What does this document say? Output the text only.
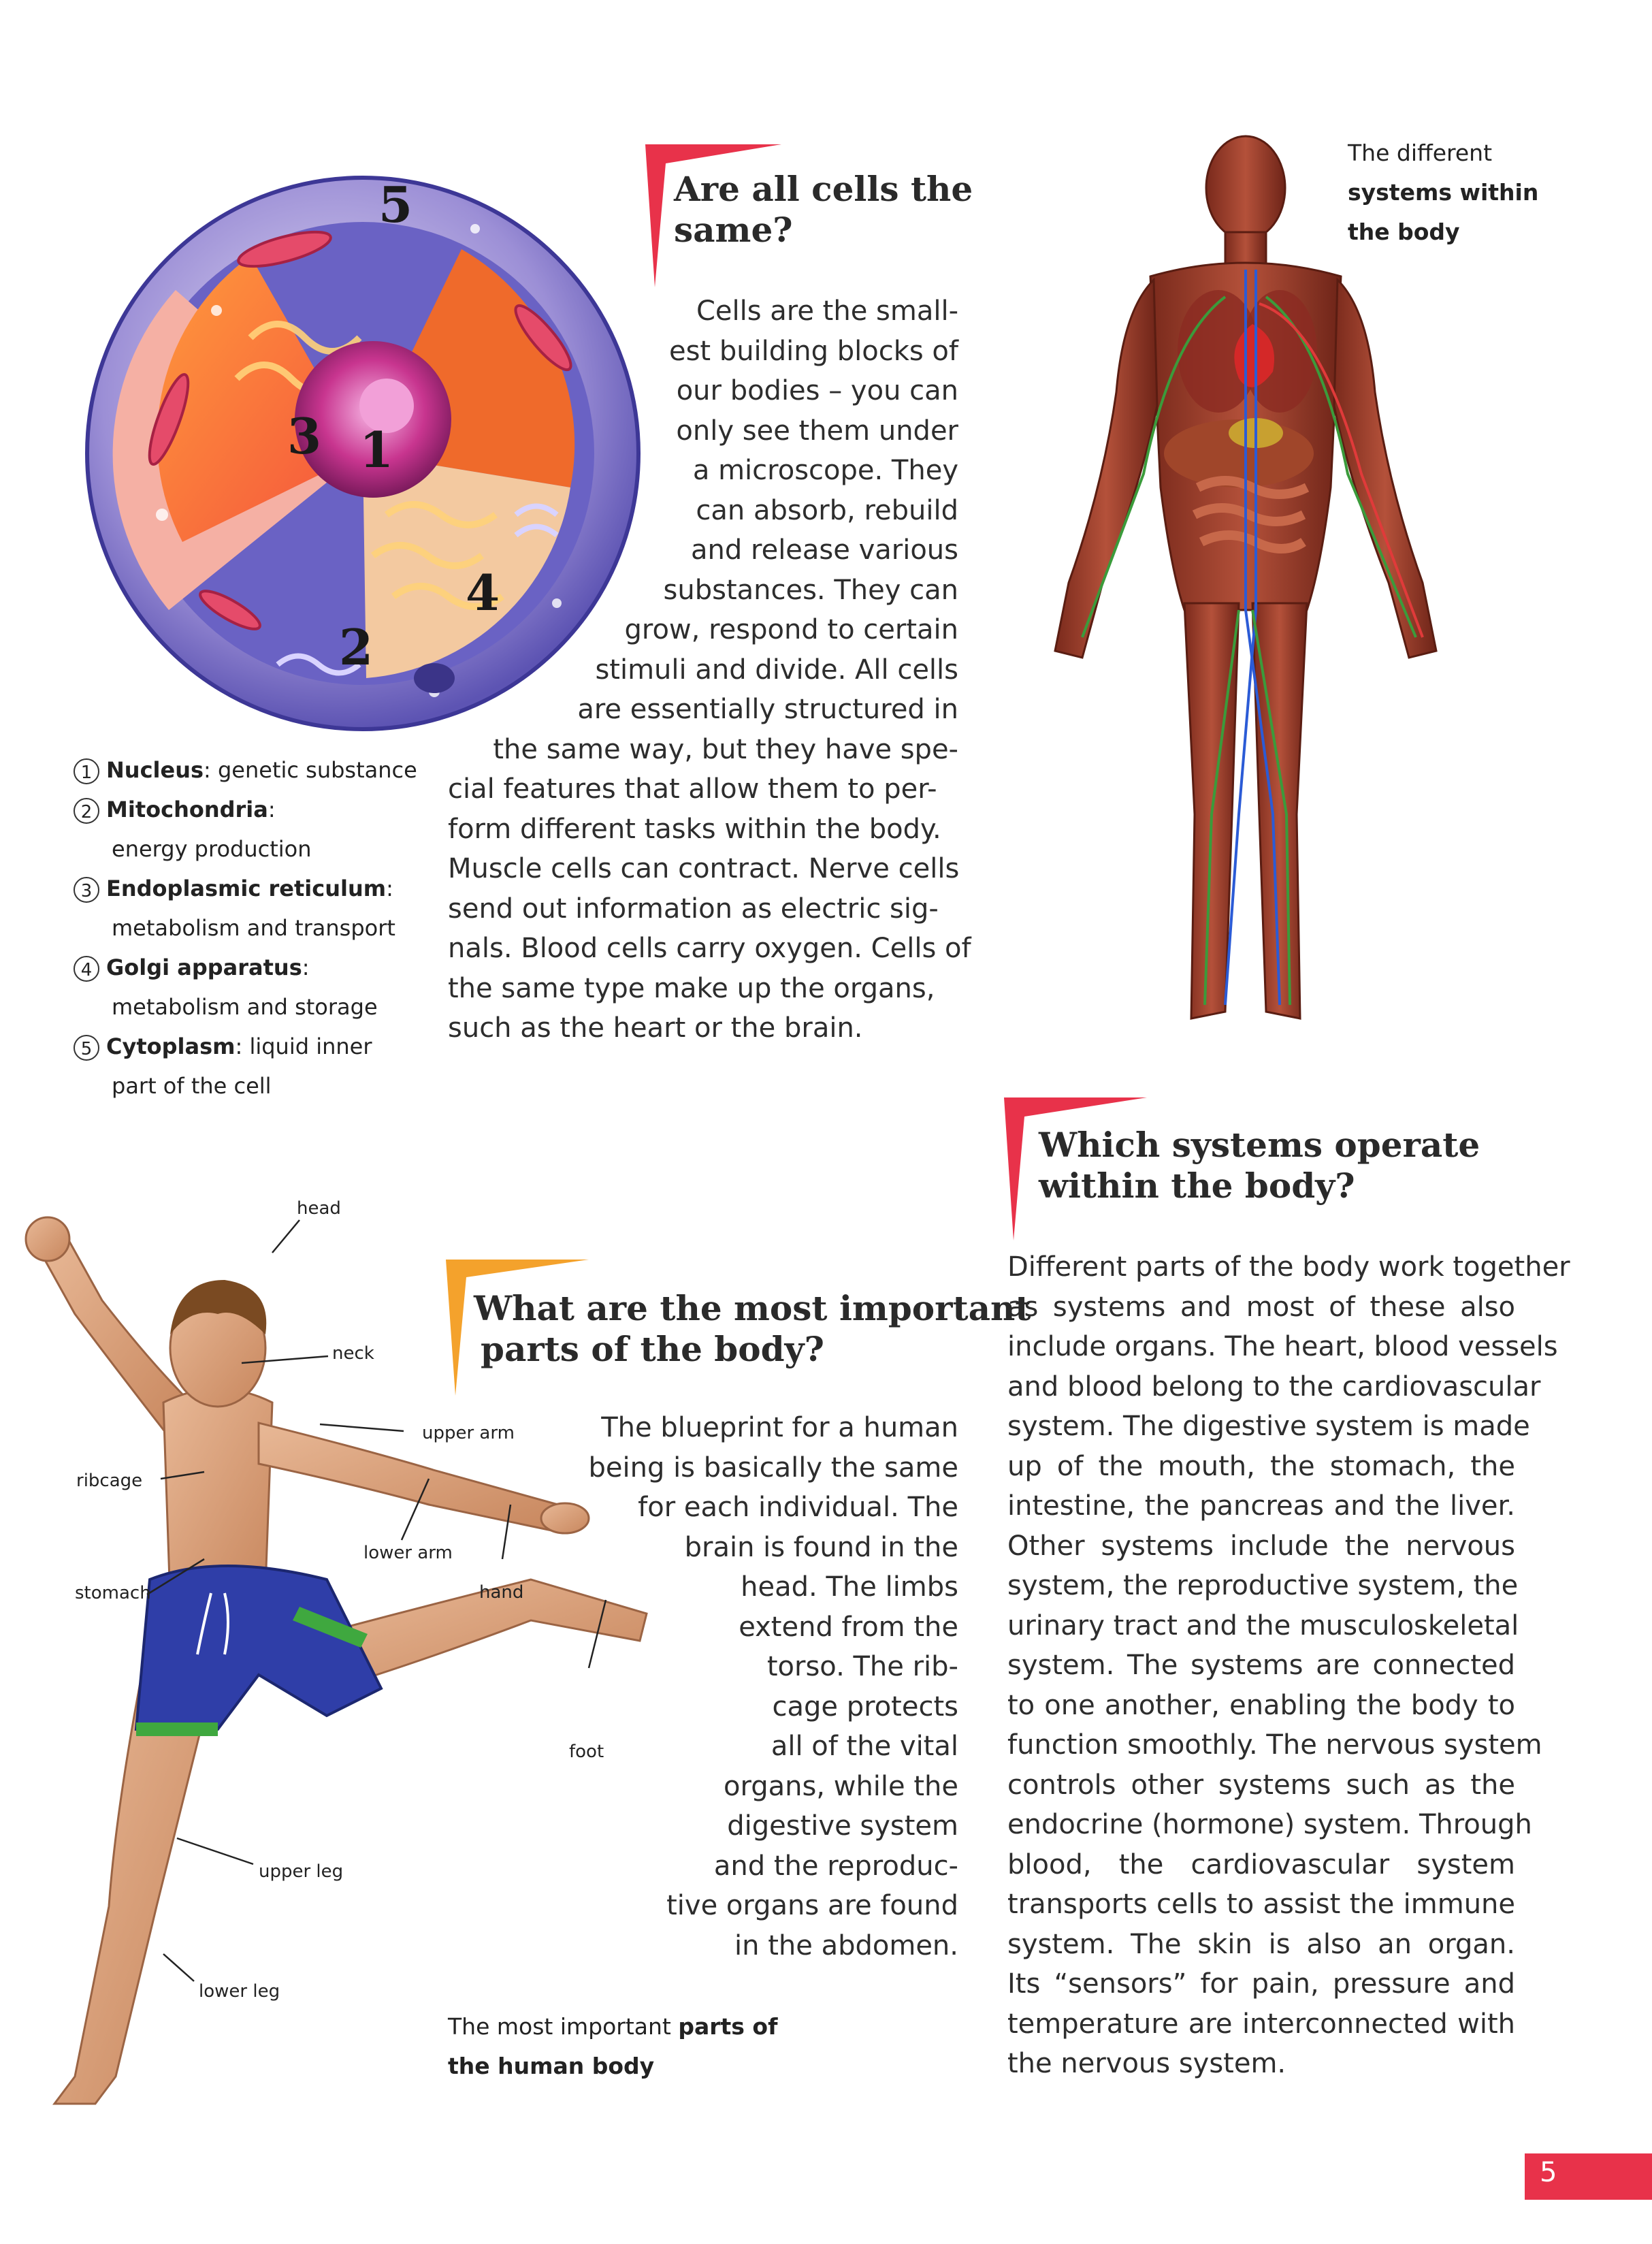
5
3 1
4
2
1 Nucleus: genetic substance
2 Mitochondria:
energy production
3 Endoplasmic reticulum:
metabolism and transport
4 Golgi apparatus:
metabolism and storage
5 Cytoplasm: liquid inner
part of the cell
Are all cells the
same?
Cells are the small-
est building blocks of
our bodies – you can
only see them under
a microscope. They
can absorb, rebuild
and release various
substances. They can
grow, respond to certain
stimuli and divide. All cells
are essentially structured in
the same way, but they have spe-
cial features that allow them to per-
form different tasks within the body.
Muscle cells can contract. Nerve cells
send out information as electric sig-
nals. Blood cells carry oxygen. Cells of
the same type make up the organs,
such as the heart or the brain.
The different
systems within
the body
Which systems operate
within the body?
Different parts of the body work together
as systems and most of these also
include organs. The heart, blood vessels
and blood belong to the cardiovascular
system. The digestive system is made
up of the mouth, the stomach, the
intestine, the pancreas and the liver.
Other systems include the nervous
system, the reproductive system, the
urinary tract and the musculoskeletal
system. The systems are connected
to one another, enabling the body to
function smoothly. The nervous system
controls other systems such as the
endocrine (hormone) system. Through
blood, the cardiovascular system
transports cells to assist the immune
system. The skin is also an organ.
Its “sensors” for pain, pressure and
temperature are interconnected with
the nervous system.
head
neck
upper arm
ribcage
lower arm
stomach	hand
foot
upper leg
lower leg
What are the most important
parts of the body?
The blueprint for a human
being is basically the same
for each individual. The
brain is found in the
head. The limbs
extend from the
torso. The rib-
cage protects
all of the vital
organs, while the
digestive system
and the reproduc-
tive organs are found
in the abdomen.
The most important parts of
the human body
5
